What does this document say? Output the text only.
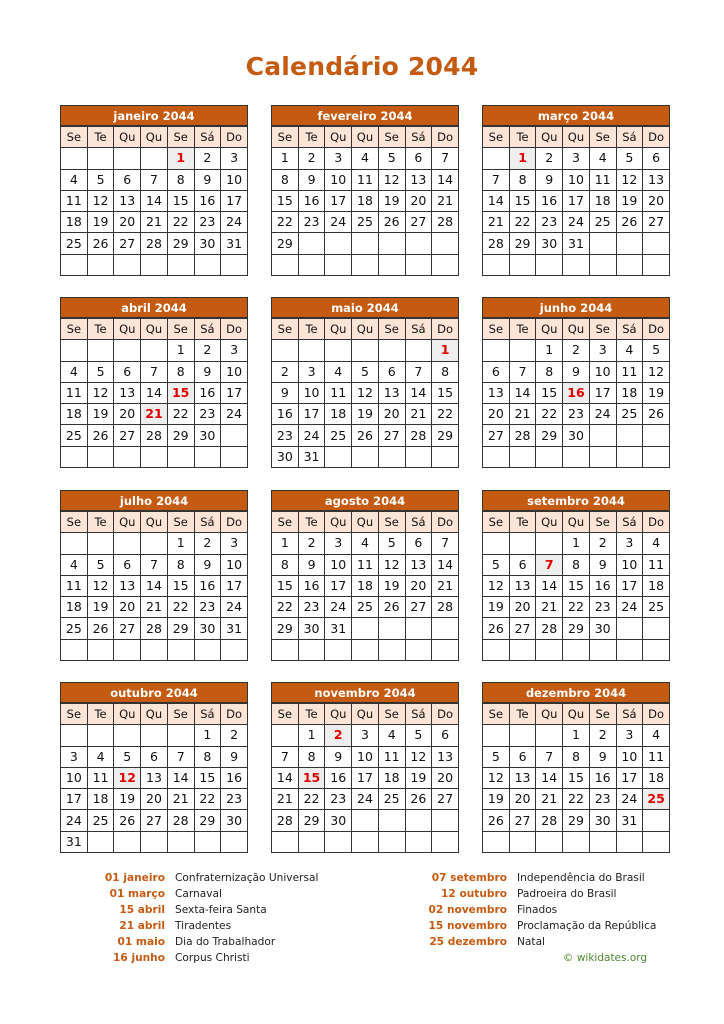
Calendário 2044
janeiro 2044
Se	Te	Qu	Qu	Se	Sá	Do
				1	2	3
4	5	6	7	8	9	10
11	12	13	14	15	16	17
18	19	20	21	22	23	24
25	26	27	28	29	30	31

fevereiro 2044
Se	Te	Qu	Qu	Se	Sá	Do
1	2	3	4	5	6	7
8	9	10	11	12	13	14
15	16	17	18	19	20	21
22	23	24	25	26	27	28
29						

março 2044
Se	Te	Qu	Qu	Se	Sá	Do
	1	2	3	4	5	6
7	8	9	10	11	12	13
14	15	16	17	18	19	20
21	22	23	24	25	26	27
28	29	30	31			

abril 2044
Se	Te	Qu	Qu	Se	Sá	Do
				1	2	3
4	5	6	7	8	9	10
11	12	13	14	15	16	17
18	19	20	21	22	23	24
25	26	27	28	29	30	

maio 2044
Se	Te	Qu	Qu	Se	Sá	Do
						1
2	3	4	5	6	7	8
9	10	11	12	13	14	15
16	17	18	19	20	21	22
23	24	25	26	27	28	29
30	31					
junho 2044
Se	Te	Qu	Qu	Se	Sá	Do
		1	2	3	4	5
6	7	8	9	10	11	12
13	14	15	16	17	18	19
20	21	22	23	24	25	26
27	28	29	30			

julho 2044
Se	Te	Qu	Qu	Se	Sá	Do
				1	2	3
4	5	6	7	8	9	10
11	12	13	14	15	16	17
18	19	20	21	22	23	24
25	26	27	28	29	30	31

agosto 2044
Se	Te	Qu	Qu	Se	Sá	Do
1	2	3	4	5	6	7
8	9	10	11	12	13	14
15	16	17	18	19	20	21
22	23	24	25	26	27	28
29	30	31				

setembro 2044
Se	Te	Qu	Qu	Se	Sá	Do
			1	2	3	4
5	6	7	8	9	10	11
12	13	14	15	16	17	18
19	20	21	22	23	24	25
26	27	28	29	30		

outubro 2044
Se	Te	Qu	Qu	Se	Sá	Do
					1	2
3	4	5	6	7	8	9
10	11	12	13	14	15	16
17	18	19	20	21	22	23
24	25	26	27	28	29	30
31						
novembro 2044
Se	Te	Qu	Qu	Se	Sá	Do
	1	2	3	4	5	6
7	8	9	10	11	12	13
14	15	16	17	18	19	20
21	22	23	24	25	26	27
28	29	30				

dezembro 2044
Se	Te	Qu	Qu	Se	Sá	Do
			1	2	3	4
5	6	7	8	9	10	11
12	13	14	15	16	17	18
19	20	21	22	23	24	25
26	27	28	29	30	31	

01 janeiro Confraternização Universal
01 março Carnaval
15 abril Sexta-feira Santa
21 abril Tiradentes
01 maio Dia do Trabalhador
16 junho Corpus Christi
07 setembro Independência do Brasil
12 outubro Padroeira do Brasil
02 novembro Finados
15 novembro Proclamação da República
25 dezembro Natal
© wikidates.org
